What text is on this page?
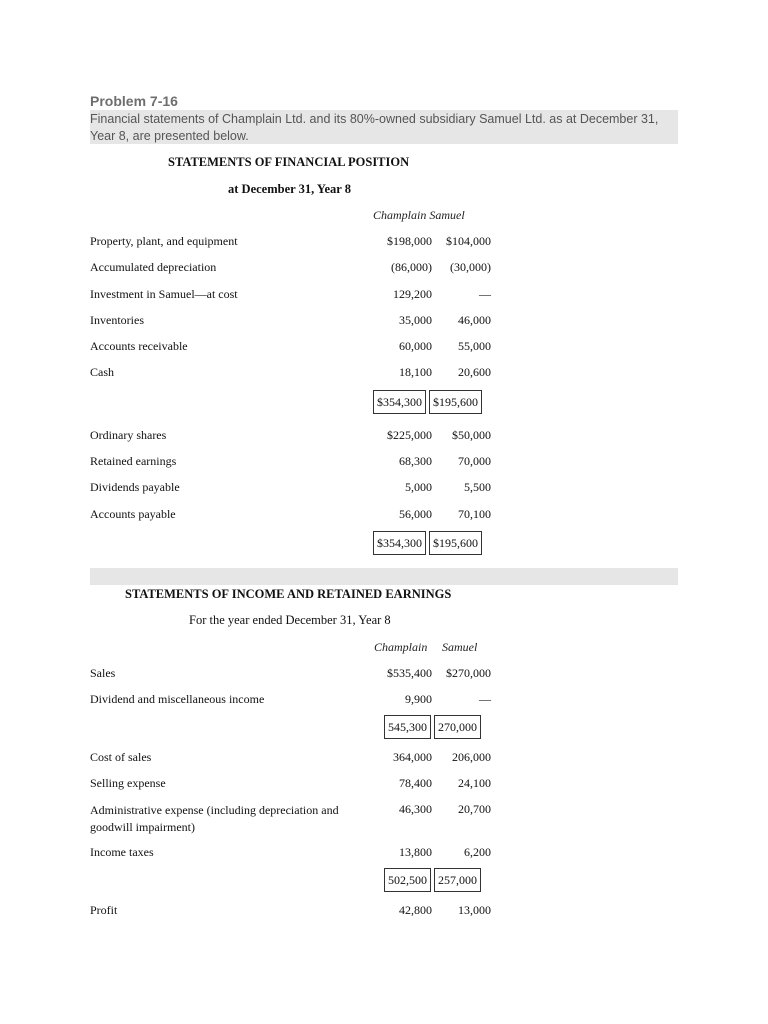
Problem 7-16
Financial statements of Champlain Ltd. and its 80%-owned subsidiary Samuel Ltd. as at December 31, Year 8, are presented below.
STATEMENTS OF FINANCIAL POSITION
at December 31, Year 8
Champlain Samuel
Property, plant, and equipment	$198,000	$104,000
Accumulated depreciation	(86,000)	(30,000)
Investment in Samuel—at cost	129,200	—
Inventories	35,000	46,000
Accounts receivable	60,000	55,000
Cash	18,100	20,600
$354,300 $195,600
Ordinary shares	$225,000	$50,000
Retained earnings	68,300	70,000
Dividends payable	5,000	5,500
Accounts payable	56,000	70,100
$354,300 $195,600
STATEMENTS OF INCOME AND RETAINED EARNINGS
For the year ended December 31, Year 8
Champlain Samuel
Sales	$535,400	$270,000
Dividend and miscellaneous income	9,900	—
545,300 270,000
Cost of sales	364,000	206,000
Selling expense	78,400	24,100
Administrative expense (including depreciation and goodwill impairment)
46,300	20,700
Income taxes	13,800	6,200
502,500 257,000
Profit	42,800	13,000
